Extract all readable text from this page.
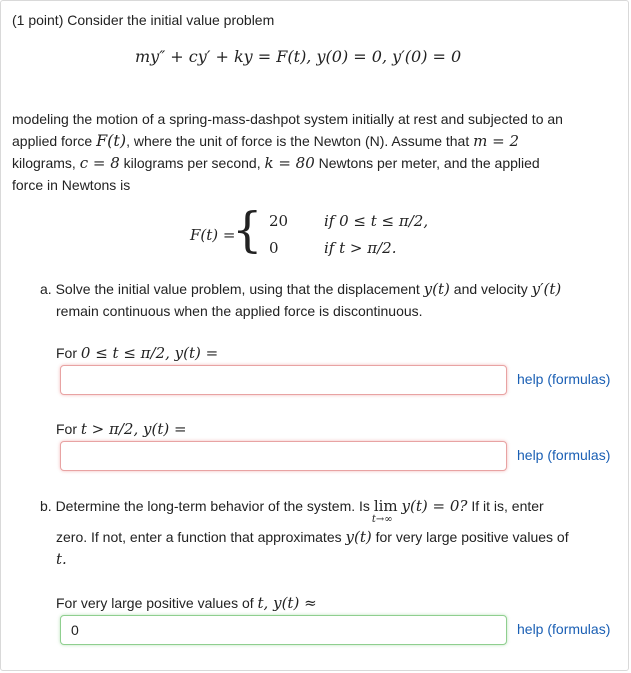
(1 point) Consider the initial value problem
my″ + cy′ + ky = F(t), y(0) = 0, y′(0) = 0
modeling the motion of a spring-mass-dashpot system initially at rest and subjected to an
applied force F(t), where the unit of force is the Newton (N). Assume that m = 2
kilograms, c = 8 kilograms per second, k = 80 Newtons per meter, and the applied
force in Newtons is
F(t) =
{ 20 if 0 ≤ t ≤ π/2,
0	if t > π/2.
a. Solve the initial value problem, using that the displacement y(t) and velocity y′(t)
remain continuous when the applied force is discontinuous.
For 0 ≤ t ≤ π/2, y(t) =
help (formulas)
For t > π/2, y(t) =
help (formulas)
b. Determine the long-term behavior of the system. Is lim
t→∞
y(t) = 0? If it is, enter
zero. If not, enter a function that approximates y(t) for very large positive values of
t.
For very large positive values of t, y(t) ≈
0
help (formulas)
